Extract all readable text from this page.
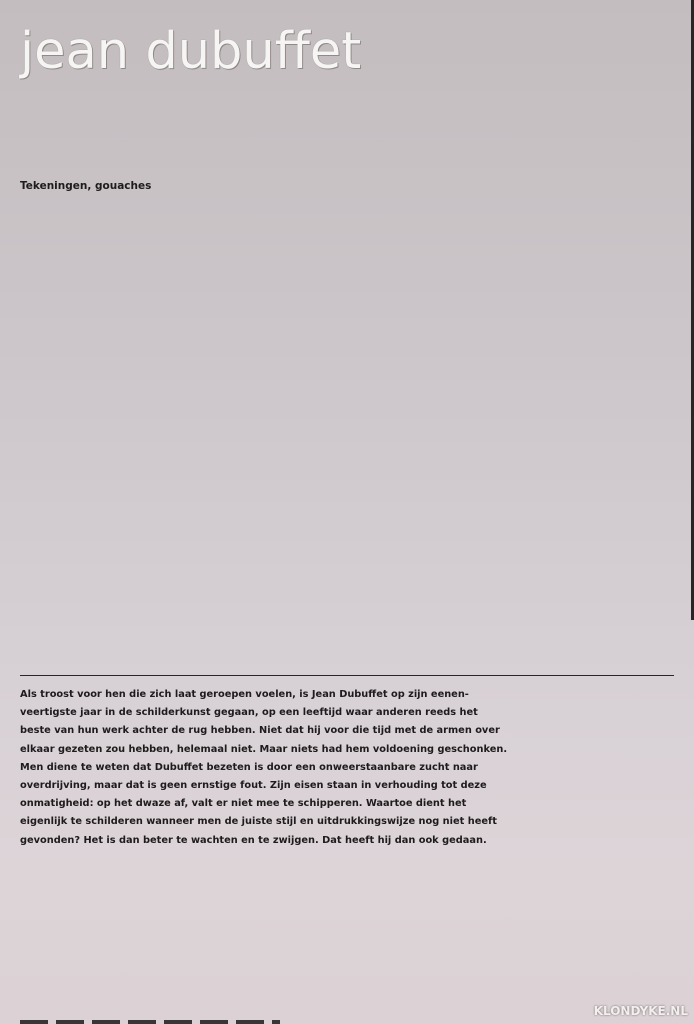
jean dubuffet

Tekeningen, gouaches

Als troost voor hen die zich laat geroepen voelen, is Jean Dubuffet op zijn eenen-
veertigste jaar in de schilderkunst gegaan, op een leeftijd waar anderen reeds het
beste van hun werk achter de rug hebben. Niet dat hij voor die tijd met de armen over
elkaar gezeten zou hebben, helemaal niet. Maar niets had hem voldoening geschonken.
Men diene te weten dat Dubuffet bezeten is door een onweerstaanbare zucht naar
overdrijving, maar dat is geen ernstige fout. Zijn eisen staan in verhouding tot deze
onmatigheid: op het dwaze af, valt er niet mee te schipperen. Waartoe dient het
eigenlijk te schilderen wanneer men de juiste stijl en uitdrukkingswijze nog niet heeft
gevonden? Het is dan beter te wachten en te zwijgen. Dat heeft hij dan ook gedaan.

KLONDYKE.NL
